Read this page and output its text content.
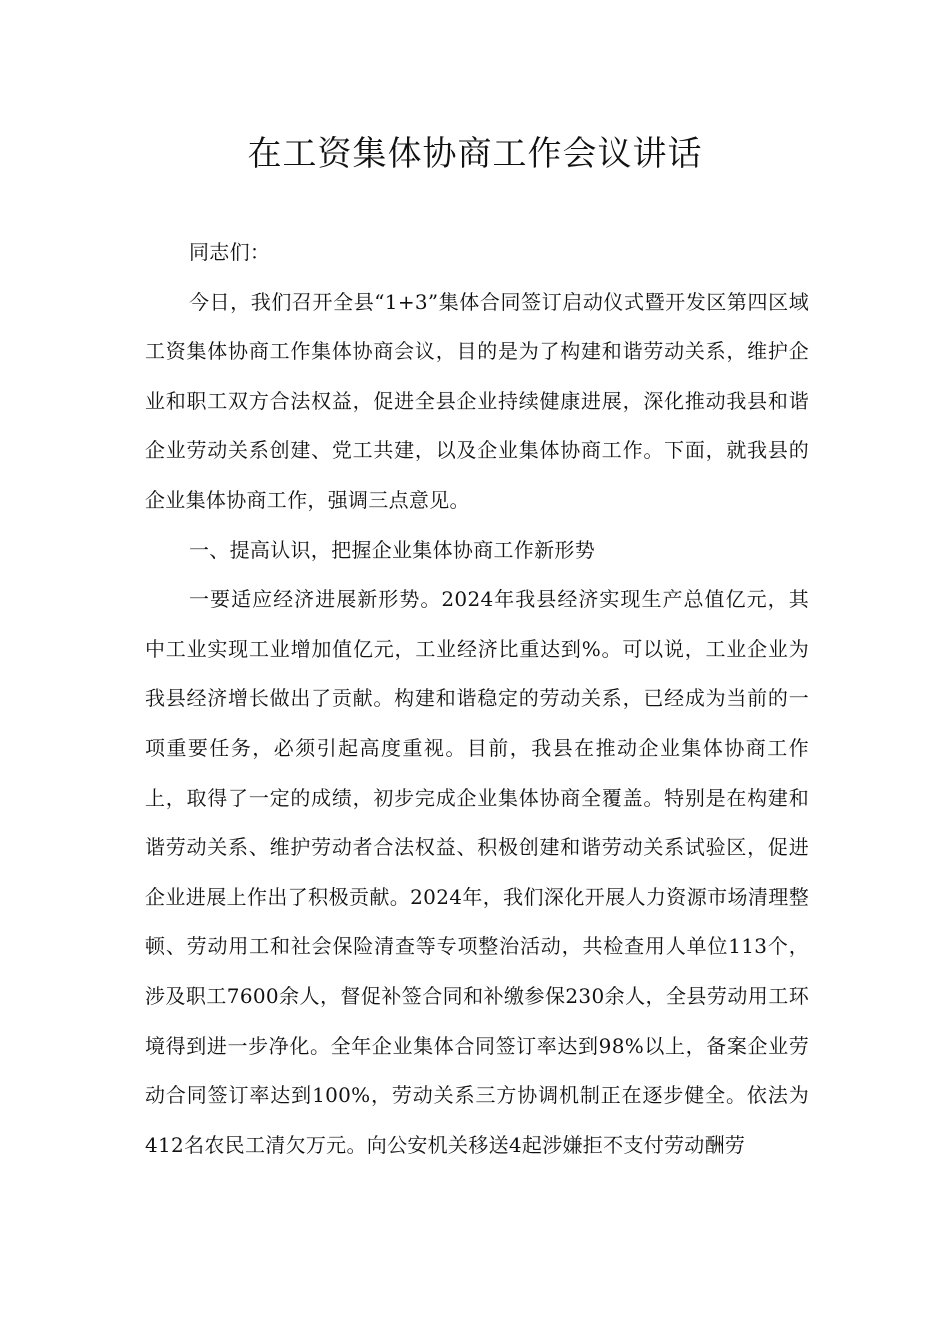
在工资集体协商工作会议讲话

同志们：

今日，我们召开全县“1+3”集体合同签订启动仪式暨开发区第四区域工资集体协商工作集体协商会议，目的是为了构建和谐劳动关系，维护企业和职工双方合法权益，促进全县企业持续健康进展，深化推动我县和谐企业劳动关系创建、党工共建，以及企业集体协商工作。下面，就我县的企业集体协商工作，强调三点意见。

一、提高认识，把握企业集体协商工作新形势

一要适应经济进展新形势。2024年我县经济实现生产总值亿元，其中工业实现工业增加值亿元，工业经济比重达到%。可以说，工业企业为我县经济增长做出了贡献。构建和谐稳定的劳动关系，已经成为当前的一项重要任务，必须引起高度重视。目前，我县在推动企业集体协商工作上，取得了一定的成绩，初步完成企业集体协商全覆盖。特别是在构建和谐劳动关系、维护劳动者合法权益、积极创建和谐劳动关系试验区，促进企业进展上作出了积极贡献。2024年，我们深化开展人力资源市场清理整顿、劳动用工和社会保险清查等专项整治活动，共检查用人单位113个，涉及职工7600余人，督促补签合同和补缴参保230余人，全县劳动用工环境得到进一步净化。全年企业集体合同签订率达到98%以上，备案企业劳动合同签订率达到100%，劳动关系三方协调机制正在逐步健全。依法为412名农民工清欠万元。向公安机关移送4起涉嫌拒不支付劳动酬劳
